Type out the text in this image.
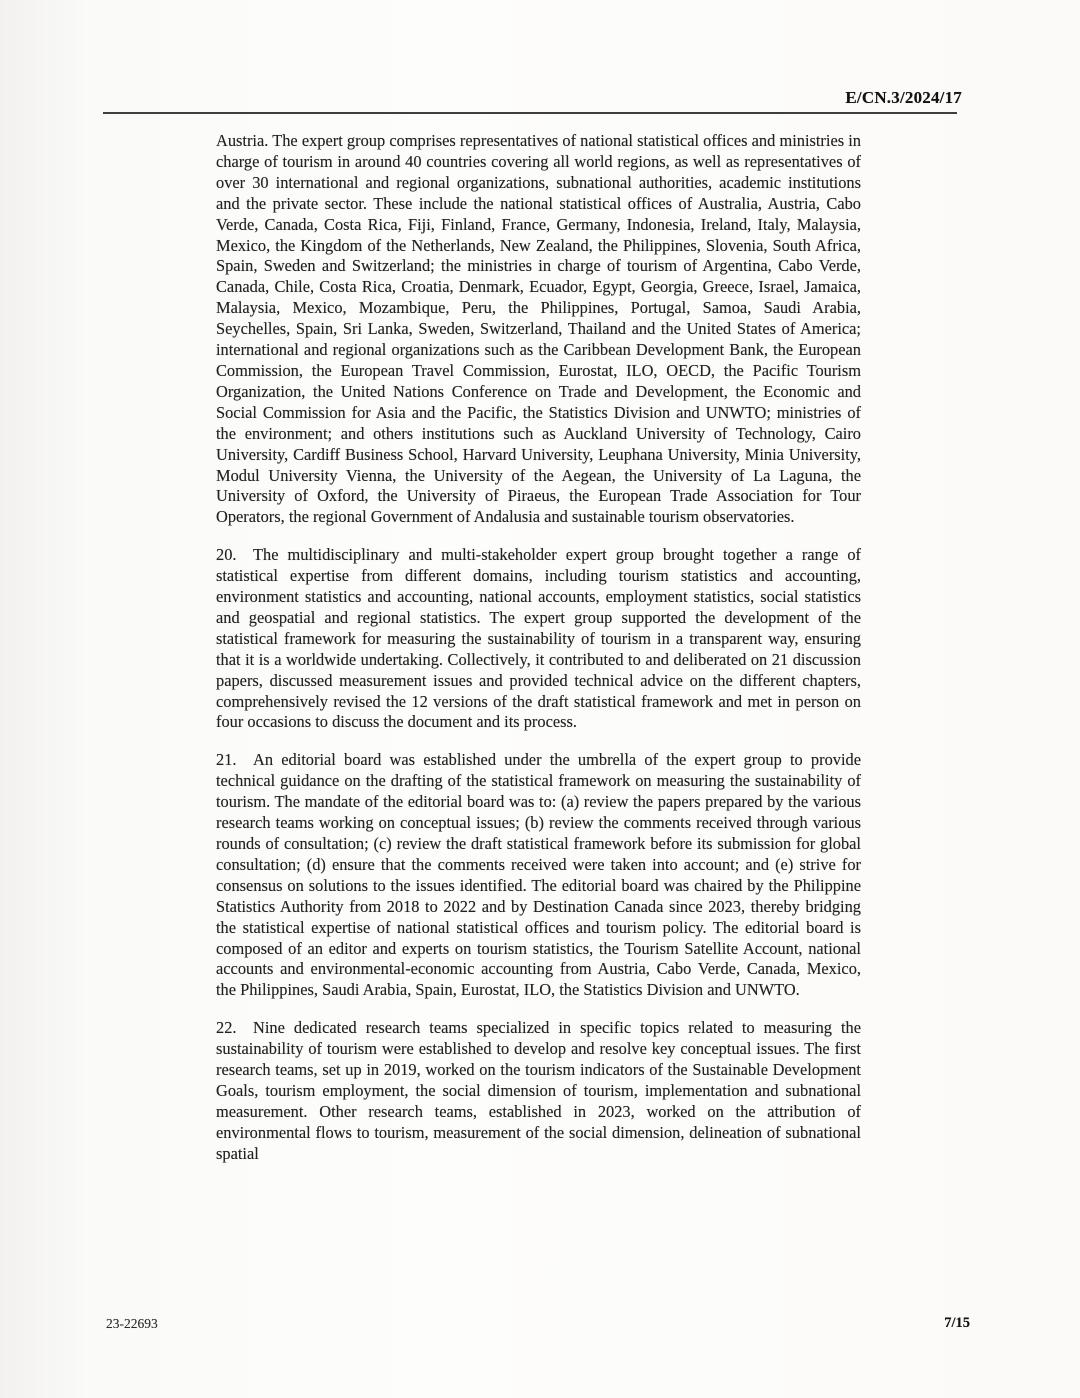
E/CN.3/2024/17

Austria. The expert group comprises representatives of national statistical offices and ministries in charge of tourism in around 40 countries covering all world regions, as well as representatives of over 30 international and regional organizations, subnational authorities, academic institutions and the private sector. These include the national statistical offices of Australia, Austria, Cabo Verde, Canada, Costa Rica, Fiji, Finland, France, Germany, Indonesia, Ireland, Italy, Malaysia, Mexico, the Kingdom of the Netherlands, New Zealand, the Philippines, Slovenia, South Africa, Spain, Sweden and Switzerland; the ministries in charge of tourism of Argentina, Cabo Verde, Canada, Chile, Costa Rica, Croatia, Denmark, Ecuador, Egypt, Georgia, Greece, Israel, Jamaica, Malaysia, Mexico, Mozambique, Peru, the Philippines, Portugal, Samoa, Saudi Arabia, Seychelles, Spain, Sri Lanka, Sweden, Switzerland, Thailand and the United States of America; international and regional organizations such as the Caribbean Development Bank, the European Commission, the European Travel Commission, Eurostat, ILO, OECD, the Pacific Tourism Organization, the United Nations Conference on Trade and Development, the Economic and Social Commission for Asia and the Pacific, the Statistics Division and UNWTO; ministries of the environment; and others institutions such as Auckland University of Technology, Cairo University, Cardiff Business School, Harvard University, Leuphana University, Minia University, Modul University Vienna, the University of the Aegean, the University of La Laguna, the University of Oxford, the University of Piraeus, the European Trade Association for Tour Operators, the regional Government of Andalusia and sustainable tourism observatories.

20. The multidisciplinary and multi-stakeholder expert group brought together a range of statistical expertise from different domains, including tourism statistics and accounting, environment statistics and accounting, national accounts, employment statistics, social statistics and geospatial and regional statistics. The expert group supported the development of the statistical framework for measuring the sustainability of tourism in a transparent way, ensuring that it is a worldwide undertaking. Collectively, it contributed to and deliberated on 21 discussion papers, discussed measurement issues and provided technical advice on the different chapters, comprehensively revised the 12 versions of the draft statistical framework and met in person on four occasions to discuss the document and its process.

21. An editorial board was established under the umbrella of the expert group to provide technical guidance on the drafting of the statistical framework on measuring the sustainability of tourism. The mandate of the editorial board was to: (a) review the papers prepared by the various research teams working on conceptual issues; (b) review the comments received through various rounds of consultation; (c) review the draft statistical framework before its submission for global consultation; (d) ensure that the comments received were taken into account; and (e) strive for consensus on solutions to the issues identified. The editorial board was chaired by the Philippine Statistics Authority from 2018 to 2022 and by Destination Canada since 2023, thereby bridging the statistical expertise of national statistical offices and tourism policy. The editorial board is composed of an editor and experts on tourism statistics, the Tourism Satellite Account, national accounts and environmental-economic accounting from Austria, Cabo Verde, Canada, Mexico, the Philippines, Saudi Arabia, Spain, Eurostat, ILO, the Statistics Division and UNWTO.

22. Nine dedicated research teams specialized in specific topics related to measuring the sustainability of tourism were established to develop and resolve key conceptual issues. The first research teams, set up in 2019, worked on the tourism indicators of the Sustainable Development Goals, tourism employment, the social dimension of tourism, implementation and subnational measurement. Other research teams, established in 2023, worked on the attribution of environmental flows to tourism, measurement of the social dimension, delineation of subnational spatial

23-22693	7/15
